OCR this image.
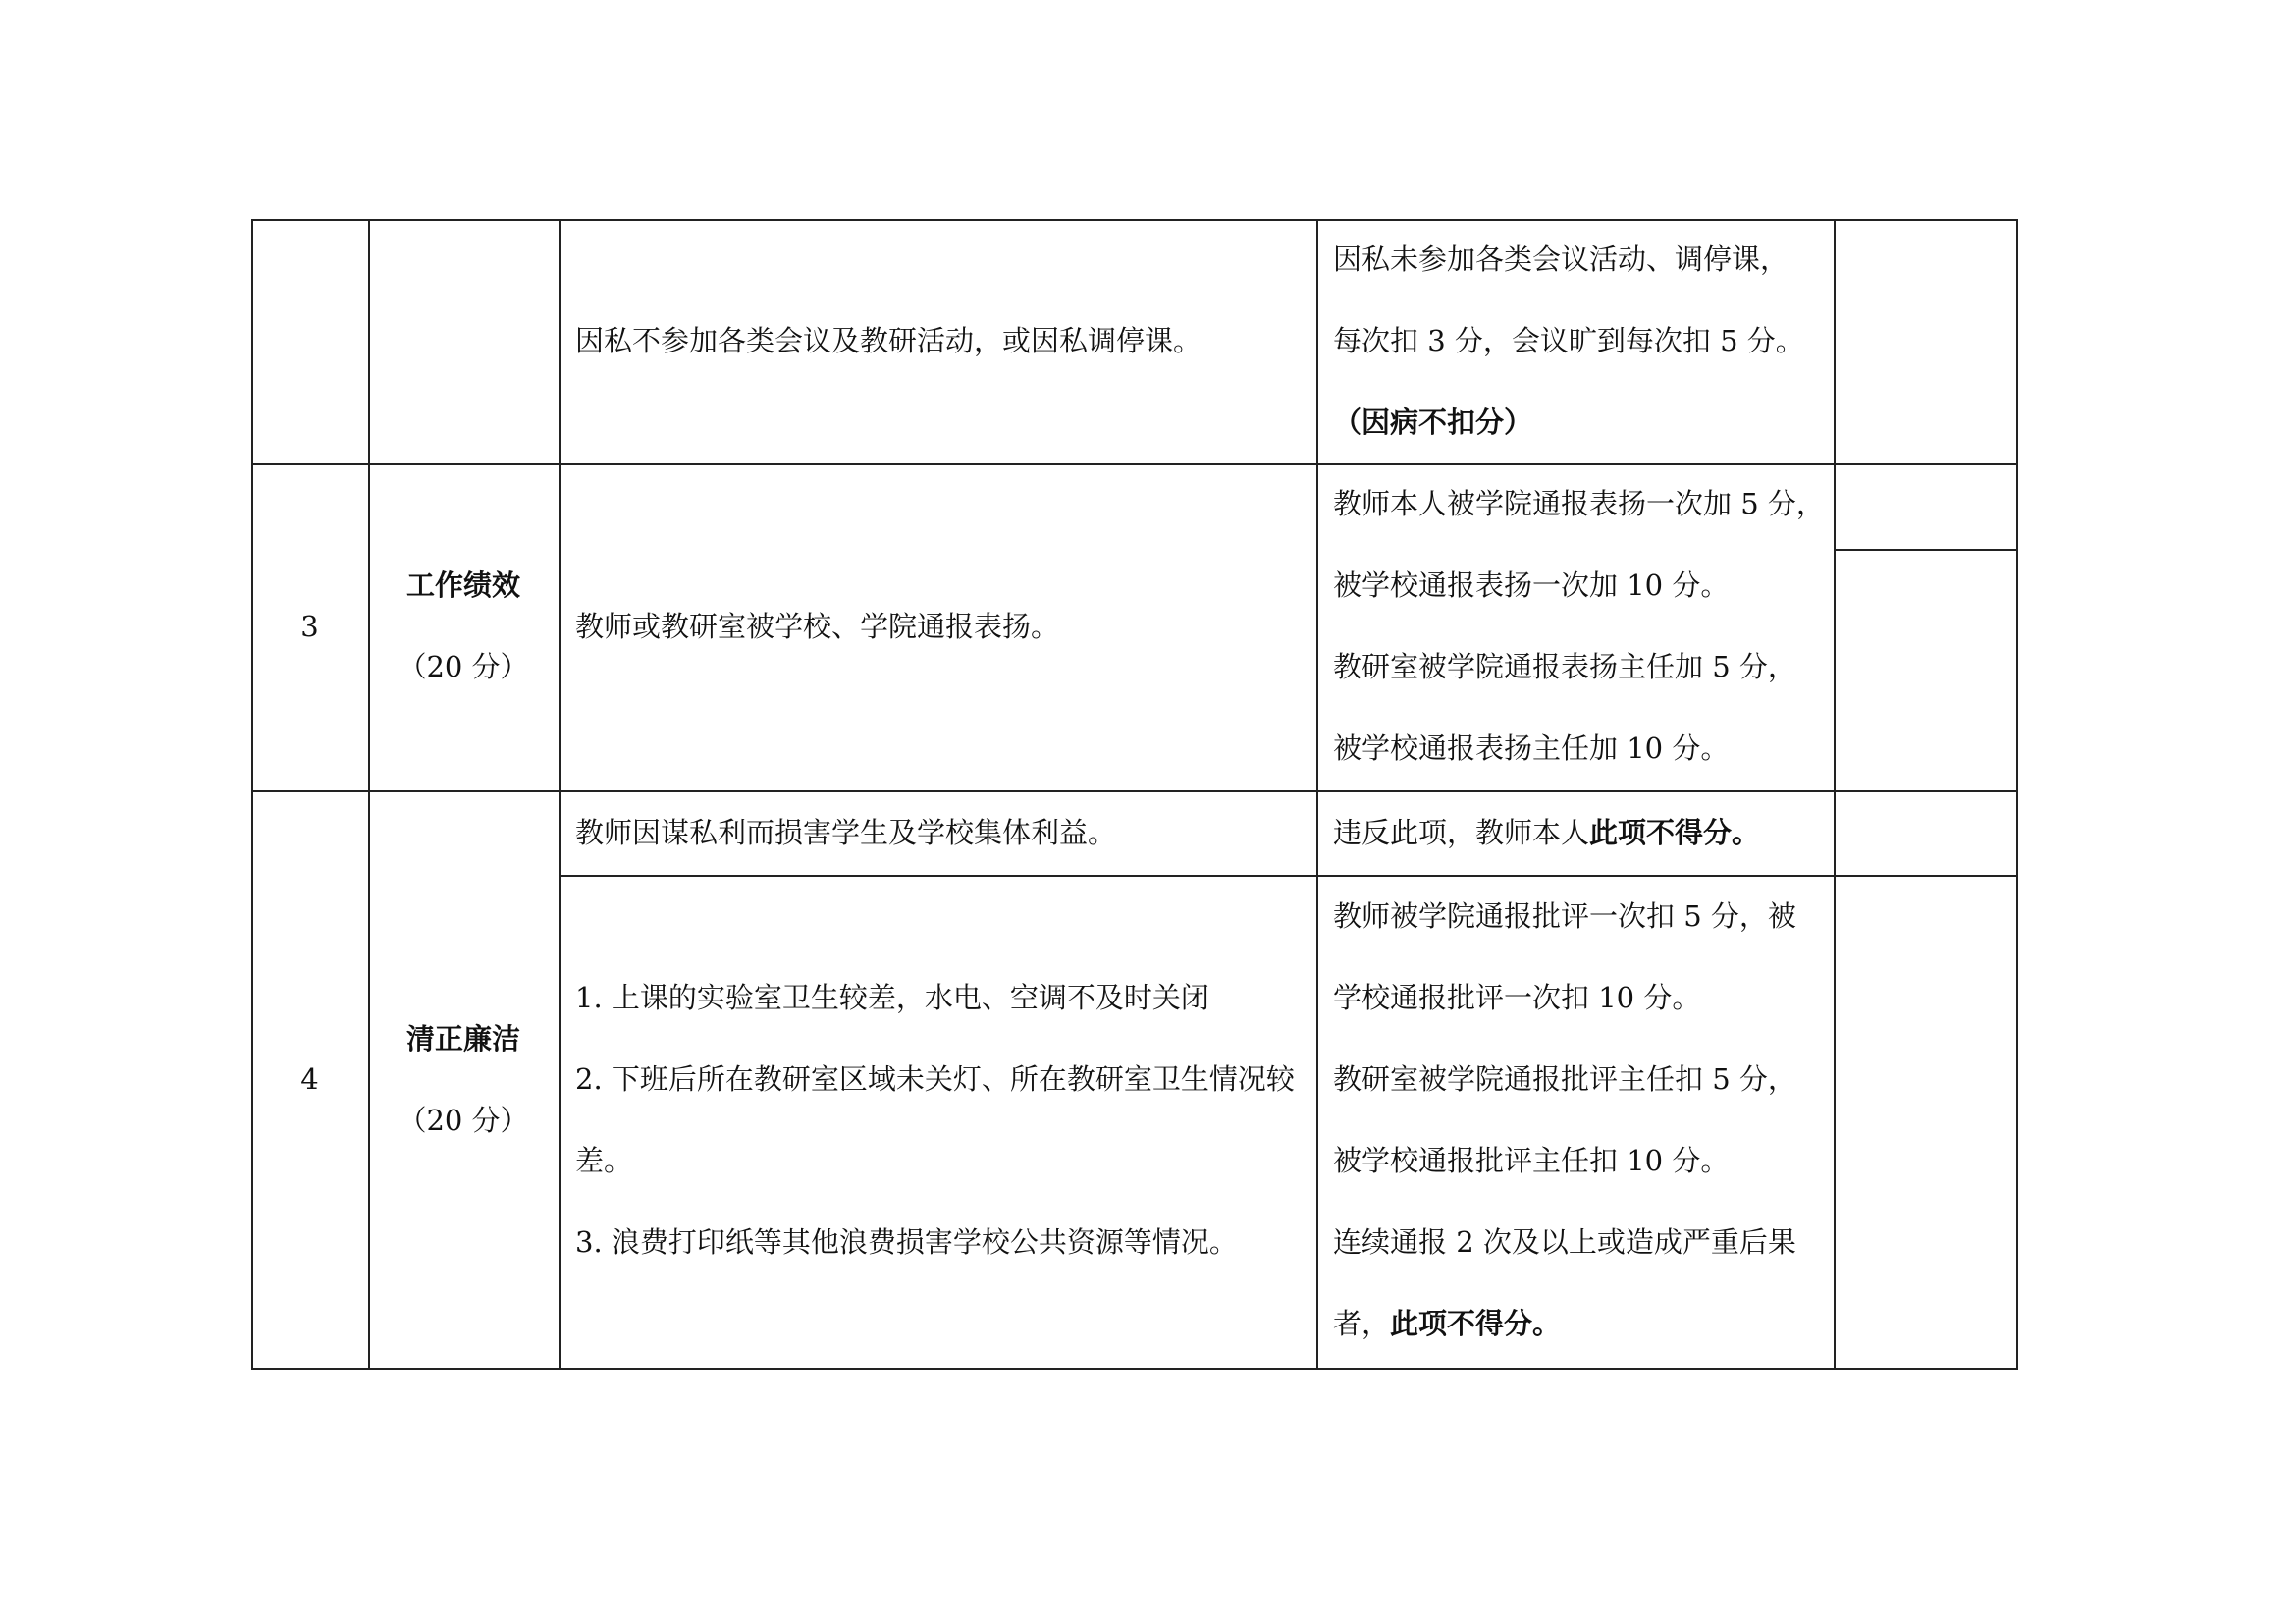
因私不参加各类会议及教研活动，或因私调停课。
因私未参加各类会议活动、调停课，
每次扣 3 分，会议旷到每次扣 5 分。
（因病不扣分）
3
工作绩效
（20 分）
教师或教研室被学校、学院通报表扬。
教师本人被学院通报表扬一次加 5 分，
被学校通报表扬一次加 10 分。
教研室被学院通报表扬主任加 5 分，
被学校通报表扬主任加 10 分。
4
清正廉洁
（20 分）
教师因谋私利而损害学生及学校集体利益。	违反此项，教师本人此项不得分。
1. 上课的实验室卫生较差，水电、空调不及时关闭
2. 下班后所在教研室区域未关灯、所在教研室卫生情况较
差。
3. 浪费打印纸等其他浪费损害学校公共资源等情况。
教师被学院通报批评一次扣 5 分，被
学校通报批评一次扣 10 分。
教研室被学院通报批评主任扣 5 分，
被学校通报批评主任扣 10 分。
连续通报 2 次及以上或造成严重后果
者，此项不得分。
